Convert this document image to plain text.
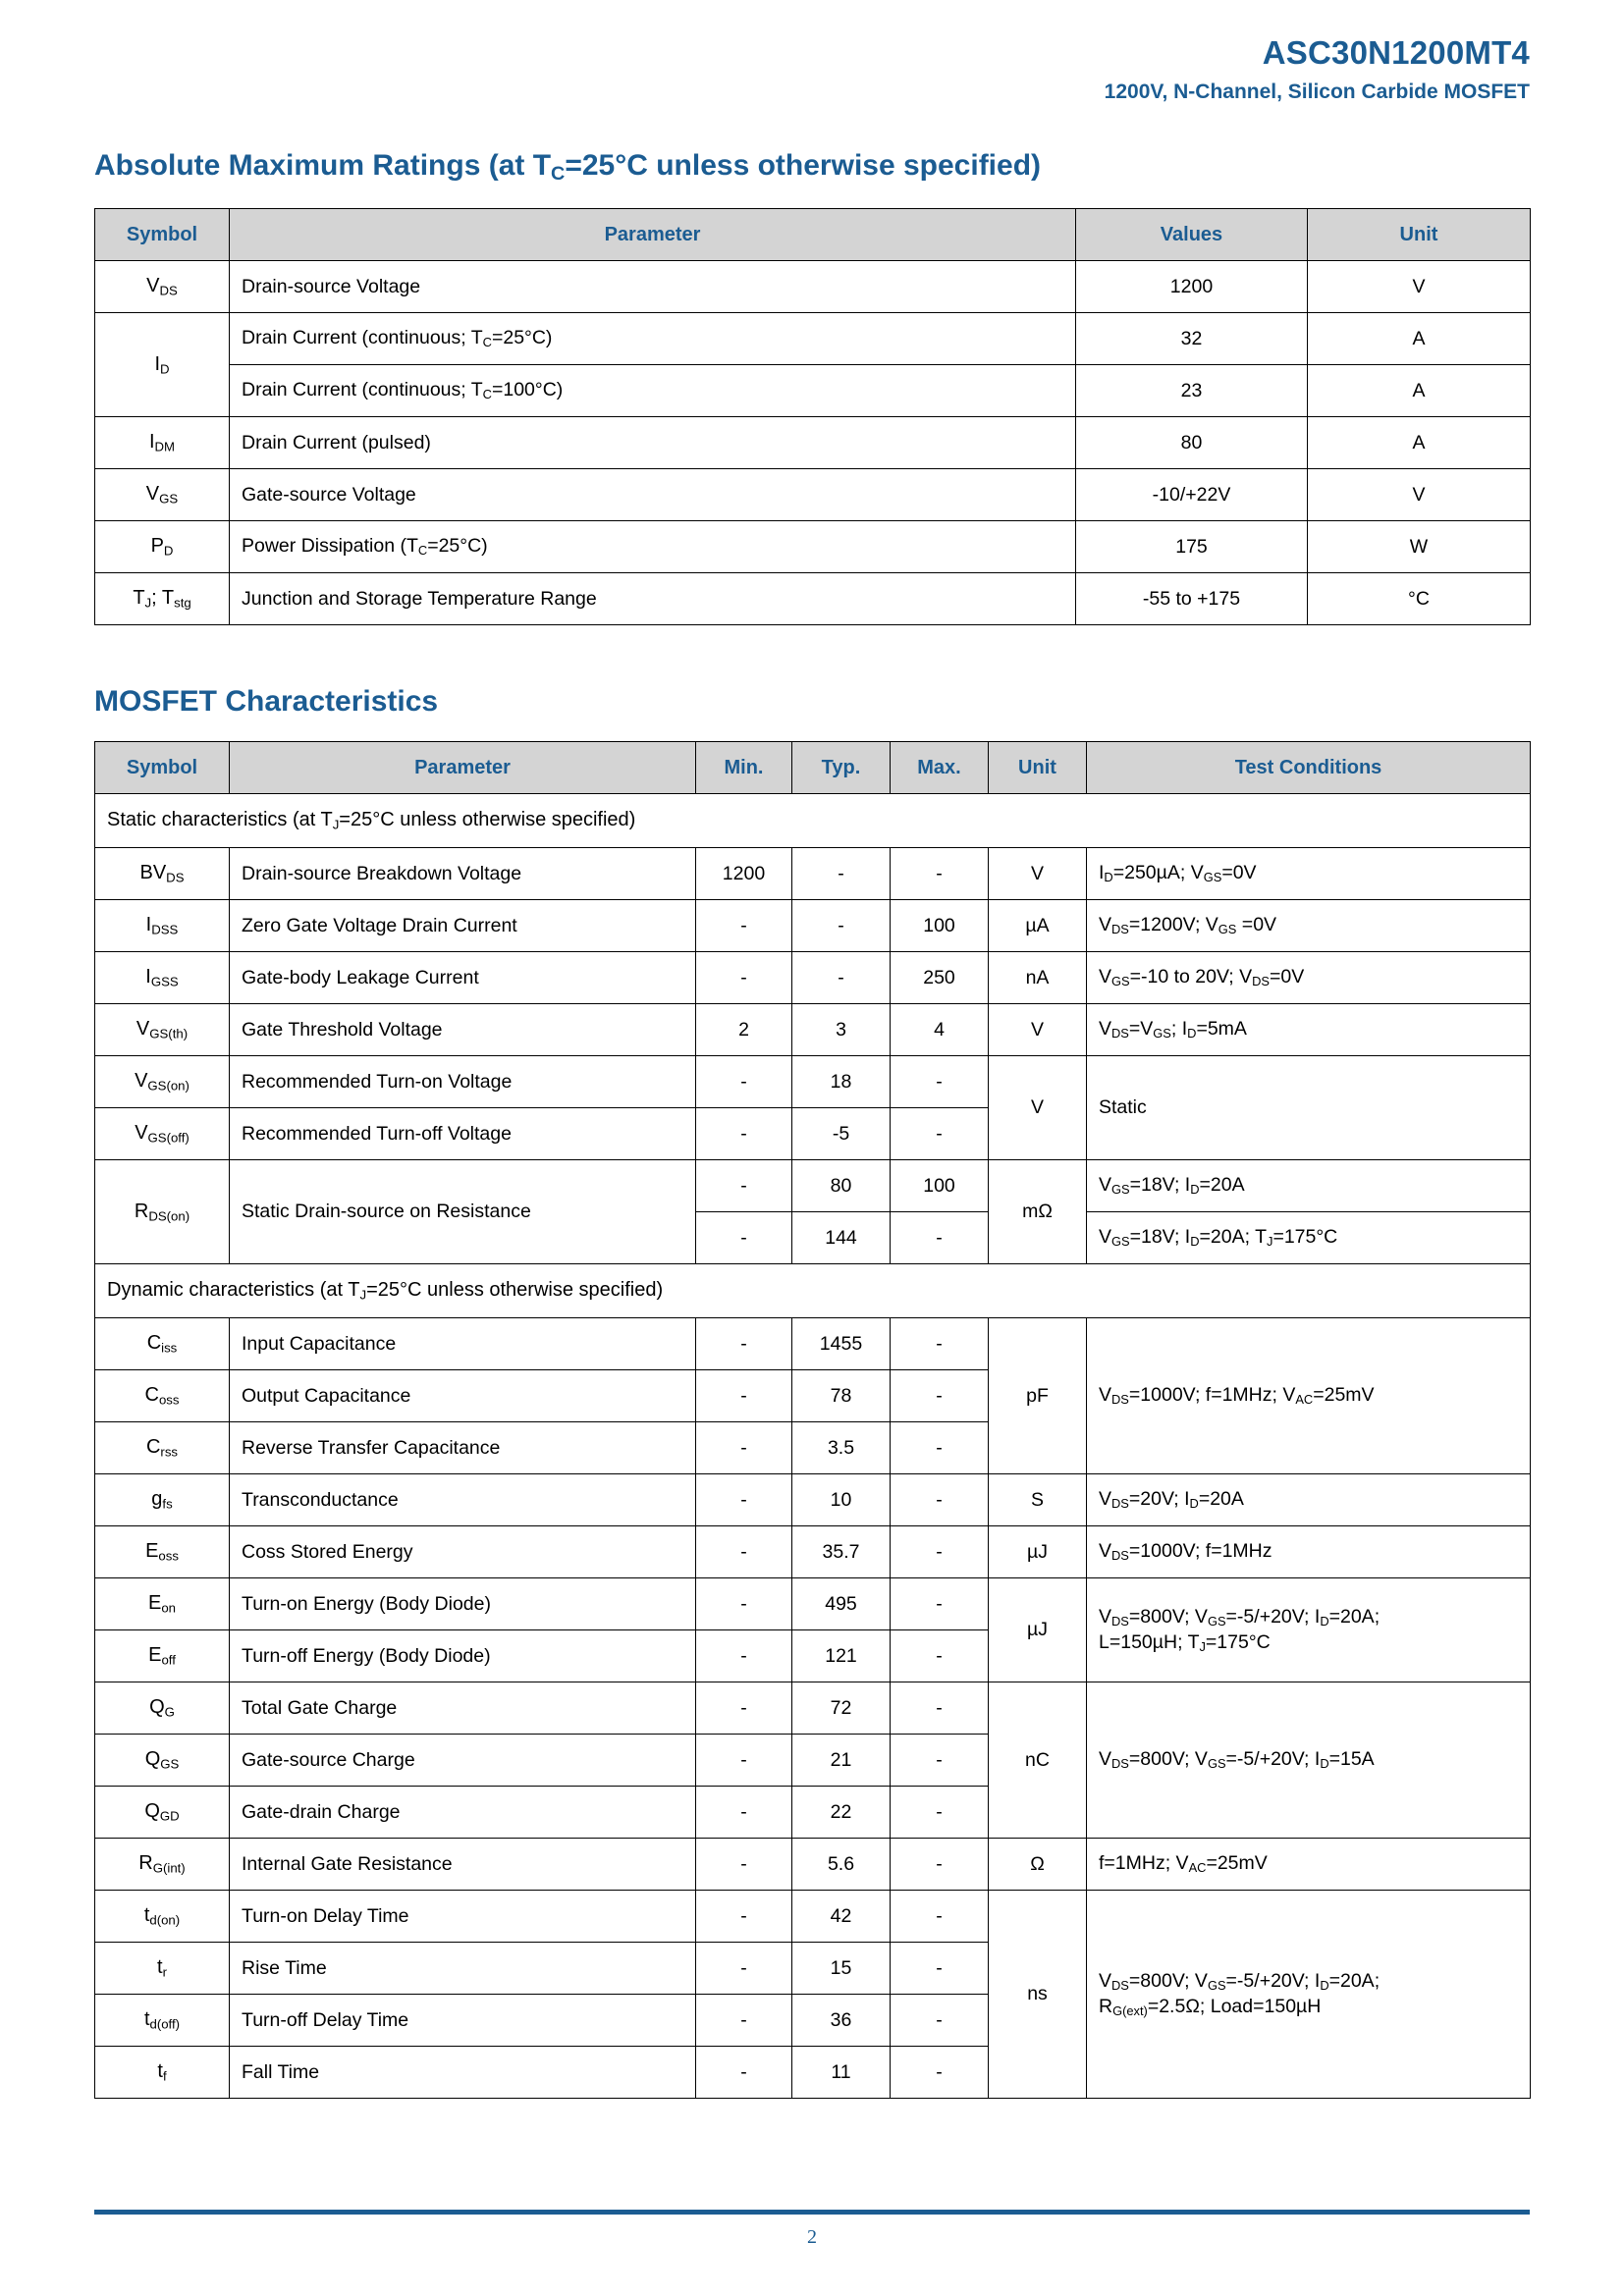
ASC30N1200MT4
1200V, N-Channel, Silicon Carbide MOSFET
Absolute Maximum Ratings (at $T_C=25^\circ C$ unless otherwise specified)
Symbol	Parameter	Values	Unit
$V_{DS}$	Drain-source Voltage	1200	V
$I_D$	Drain Current (continuous; $T_C=25^\circ C$)	32	A
	Drain Current (continuous; $T_C=100^\circ C$)	23	A
$I_{DM}$	Drain Current (pulsed)	80	A
$V_{GS}$	Gate-source Voltage	-10/+22V	V
$P_D$	Power Dissipation $(T_C=25^\circ C)$	175	W
$T_J$; $T_{stg}$	Junction and Storage Temperature Range	-55 to +175	°C
MOSFET Characteristics
Symbol	Parameter	Min.	Typ.	Max.	Unit	Test Conditions
Static characteristics (at $T_J=25^\circ C$ unless otherwise specified)						
$BV_{DS}$	Drain-source Breakdown Voltage	1200	-	-	V	$I_D=250\mu A$; $V_{GS}=0V$
$I_{DSS}$	Zero Gate Voltage Drain Current	-	-	100	µA	$V_{DS}=1200V$; $V_{GS} =0V$
$I_{GSS}$	Gate-body Leakage Current	-	-	250	nA	$V_{GS}=-10$ to 20V; $V_{DS}=0V$
$V_{GS(th)}$	Gate Threshold Voltage	2	3	4	V	$V_{DS}=V_{GS}$; $I_D=5mA$
$V_{GS(on)}$	Recommended Turn-on Voltage	-	18	-	V	Static
$V_{GS(off)}$	Recommended Turn-off Voltage	-	-5	-		
$R_{DS(on)}$	Static Drain-source on Resistance	-	80	100	mΩ	$V_{GS}=18V$; $I_D=20A$
		-	144	-		$V_{GS}=18V$; $I_D=20A$; $T_J=175^\circ C$
Dynamic characteristics (at $T_J=25^\circ C$ unless otherwise specified)						
$C_{iss}$	Input Capacitance	-	1455	-	pF	$V_{DS}=1000V$; f=1MHz; $V_{AC}=25mV$
$C_{oss}$	Output Capacitance	-	78	-		
$C_{rss}$	Reverse Transfer Capacitance	-	3.5	-		
$g_{fs}$	Transconductance	-	10	-	S	$V_{DS}=20V$; $I_D=20A$
$E_{oss}$	Coss Stored Energy	-	35.7	-	µJ	$V_{DS}=1000V$; f=1MHz
$E_{on}$	Turn-on Energy (Body Diode)	-	495	-	µJ	$V_{DS}=800V$; $V_{GS}=-5/+20V$; $I_D=20A$;
L=150µH; $T_J=175^\circ C$
$E_{off}$	Turn-off Energy (Body Diode)	-	121	-		
$Q_G$	Total Gate Charge	-	72	-	nC	$V_{DS}=800V$; $V_{GS}=-5/+20V$; $I_D=15A$
$Q_{GS}$	Gate-source Charge	-	21	-		
$Q_{GD}$	Gate-drain Charge	-	22	-		
$R_{G(int)}$	Internal Gate Resistance	-	5.6	-	Ω	f=1MHz; $V_{AC}=25mV$
$t_{d(on)}$	Turn-on Delay Time	-	42	-	ns	$V_{DS}=800V$; $V_{GS}=-5/+20V$; $I_D=20A$;
$R_{G(ext)}=2.5\Omega$; Load=150µH
$t_r$	Rise Time	-	15	-		
$t_{d(off)}$	Turn-off Delay Time	-	36	-		
$t_f$	Fall Time	-	11	-		
2
